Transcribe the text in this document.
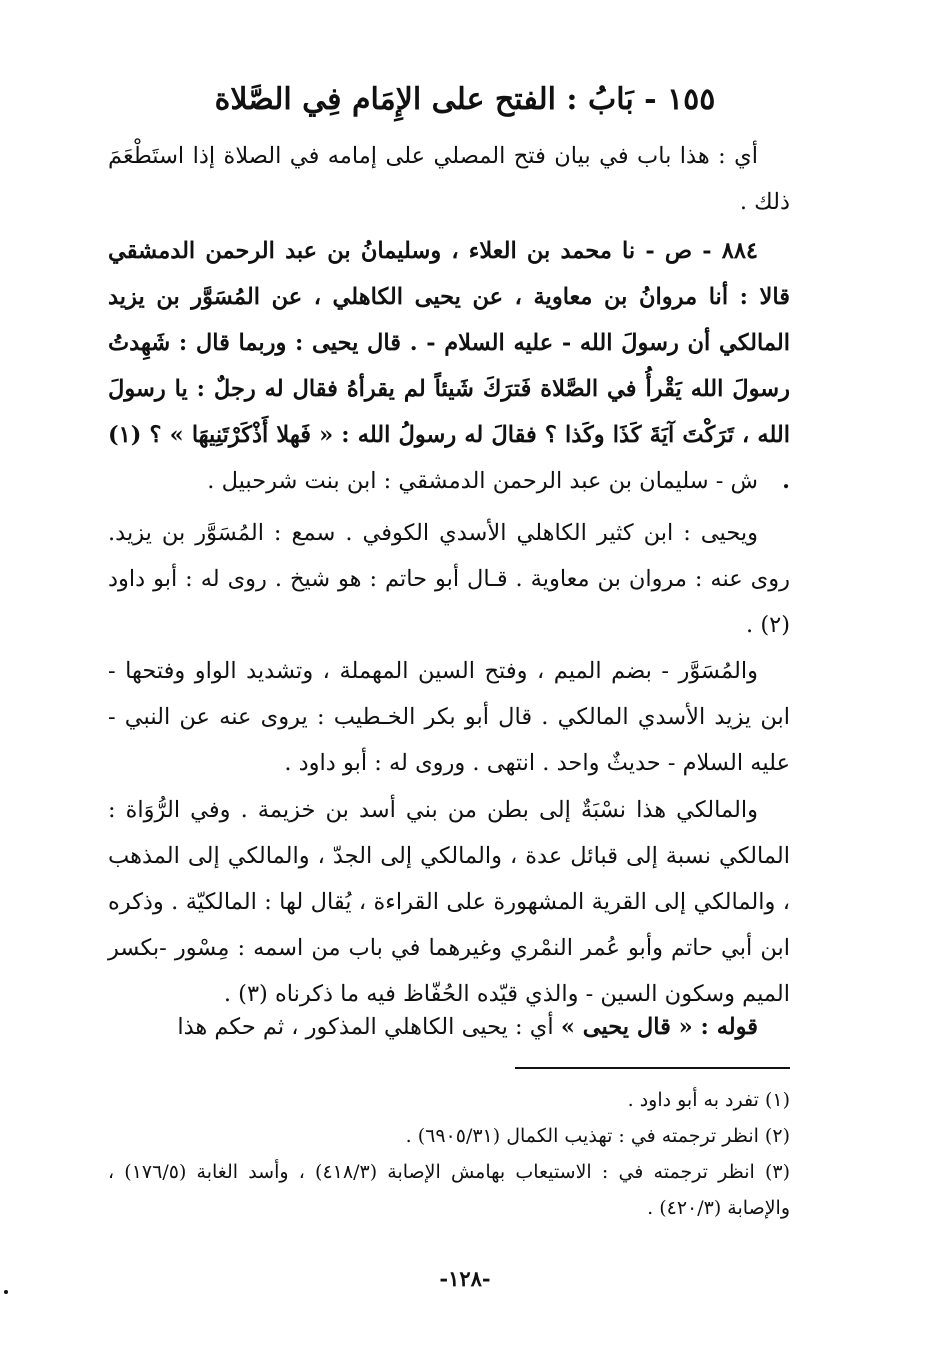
١٥٥ - بَابُ : الفتح على الإِمَام فِي الصَّلاة
أي : هذا باب في بيان فتح المصلي على إمامه في الصلاة إذا استَطْعَمَ ذلك .
٨٨٤ - ص - نا محمد بن العلاء ، وسليمانُ بن عبد الرحمن الدمشقي قالا : أنا مروانُ بن معاوية ، عن يحيى الكاهلي ، عن المُسَوَّر بن يزيد المالكي أن رسولَ الله - عليه السلام - . قال يحيى : وربما قال : شَهِدتُ رسولَ الله يَقْرأُ في الصَّلاة فَترَكَ شَيئاً لم يقرأهُ فقال له رجلٌ : يا رسولَ الله ، تَرَكْتَ آيَةَ كَذَا وكَذا ؟ فقالَ له رسولُ الله : « فَهلا أَذْكَرْتَنِيهَا » ؟ (١) .
ش - سليمان بن عبد الرحمن الدمشقي : ابن بنت شرحبيل .
ويحيى : ابن كثير الكاهلي الأسدي الكوفي . سمع : المُسَوَّر بن يزيد. روى عنه : مروان بن معاوية . قـال أبو حاتم : هو شيخ . روى له : أبو داود (٢) .
والمُسَوَّر - بضم الميم ، وفتح السين المهملة ، وتشديد الواو وفتحها - ابن يزيد الأسدي المالكي . قال أبو بكر الخـطيب : يروى عنه عن النبي - عليه السلام - حديثٌ واحد . انتهى . وروى له : أبو داود .
والمالكي هذا نسْبَةٌ إلى بطن من بني أسد بن خزيمة . وفي الرُّوَاة : المالكي نسبة إلى قبائل عدة ، والمالكي إلى الجدّ ، والمالكي إلى المذهب ، والمالكي إلى القرية المشهورة على القراءة ، يُقال لها : المالكيّة . وذكره ابن أبي حاتم وأبو عُمر النمْري وغيرهما في باب من اسمه : مِسْور -بكسر الميم وسكون السين - والذي قيّده الحُفّاظ فيه ما ذكرناه (٣) .
قوله : « قال يحيى » أي : يحيى الكاهلي المذكور ، ثم حكم هذا

(١) تفرد به أبو داود .

(٢) انظر ترجمته في : تهذيب الكمال (٦٩٠٥/٣١) .

(٣) انظر ترجمته في : الاستيعاب بهامش الإصابة (٤١٨/٣) ، وأسد الغابة (١٧٦/٥) ، والإصابة (٤٢٠/٣) .

-١٢٨-
